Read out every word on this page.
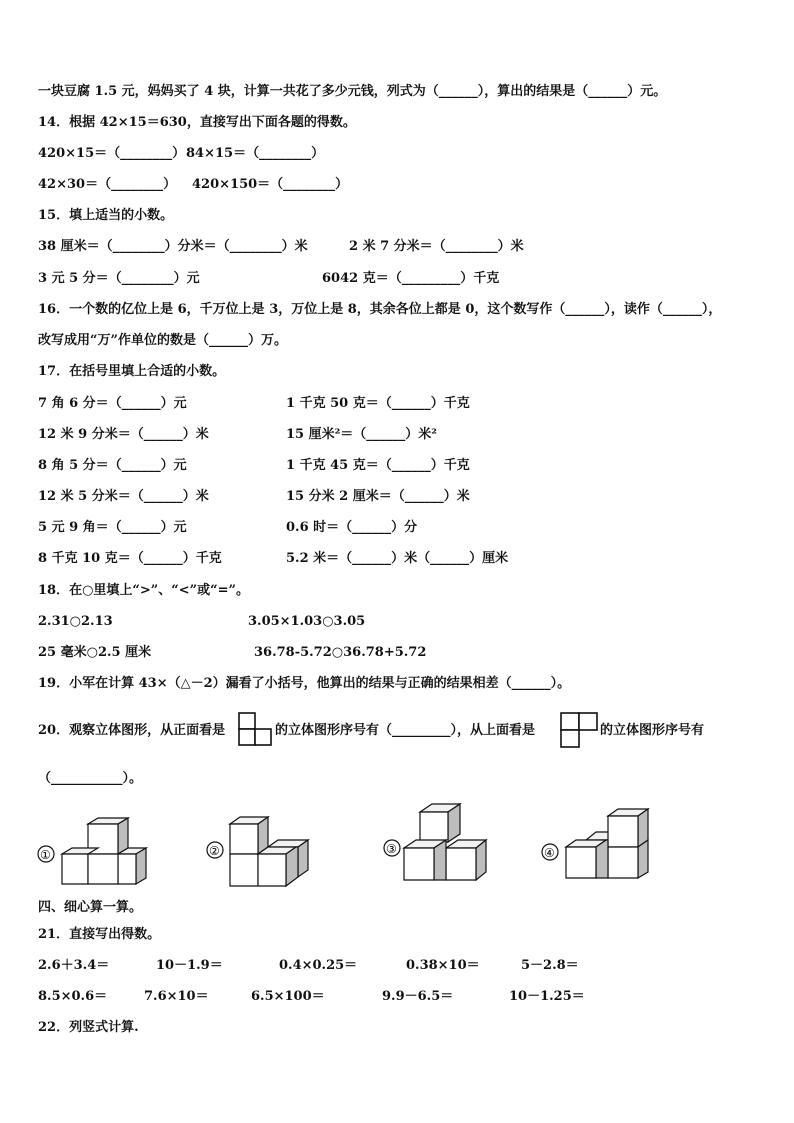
一块豆腐 1.5 元，妈妈买了 4 块，计算一共花了多少元钱，列式为（______），算出的结果是（______）元。
14．根据 42×15＝630，直接写出下面各题的得数。
420×15＝（________） 84×15＝（________）
42×30＝（________） 420×150＝（________）
15．填上适当的小数。
38 厘米＝（________）分米＝（________）米	2 米 7 分米＝（________）米
3 元 5 分＝（________）元	6042 克＝（_________）千克
16．一个数的亿位上是 6，千万位上是 3，万位上是 8，其余各位上都是 0，这个数写作（______），读作（______），
改写成用“万”作单位的数是（______）万。
17．在括号里填上合适的小数。
7 角 6 分＝（______）元	1 千克 50 克＝（______）千克
12 米 9 分米＝（______）米	15 厘米²＝（______）米²
8 角 5 分＝（______）元	1 千克 45 克＝（______）千克
12 米 5 分米＝（______）米	15 分米 2 厘米＝（______）米
5 元 9 角＝（______）元	0.6 时＝（______）分
8 千克 10 克＝（______）千克	5.2 米＝（______）米（______）厘米
18．在○里填上“>”、“<”或“=”。
2.31○2.13	3.05×1.03○3.05
25 毫米○2.5 厘米	36.78-5.72○36.78+5.72
19．小军在计算 43×（△－2）漏看了小括号，他算出的结果与正确的结果相差（______）。
20．观察立体图形，从正面看是	的立体图形序号有（_________），从上面看是	的立体图形序号有
（___________）。
①	②	③	④
四、细心算一算。
21．直接写出得数。
2.6＋3.4＝	10－1.9＝	0.4×0.25＝	0.38×10＝	5－2.8＝
8.5×0.6＝	7.6×10＝	6.5×100＝	9.9－6.5＝	10－1.25＝
22．列竖式计算.
